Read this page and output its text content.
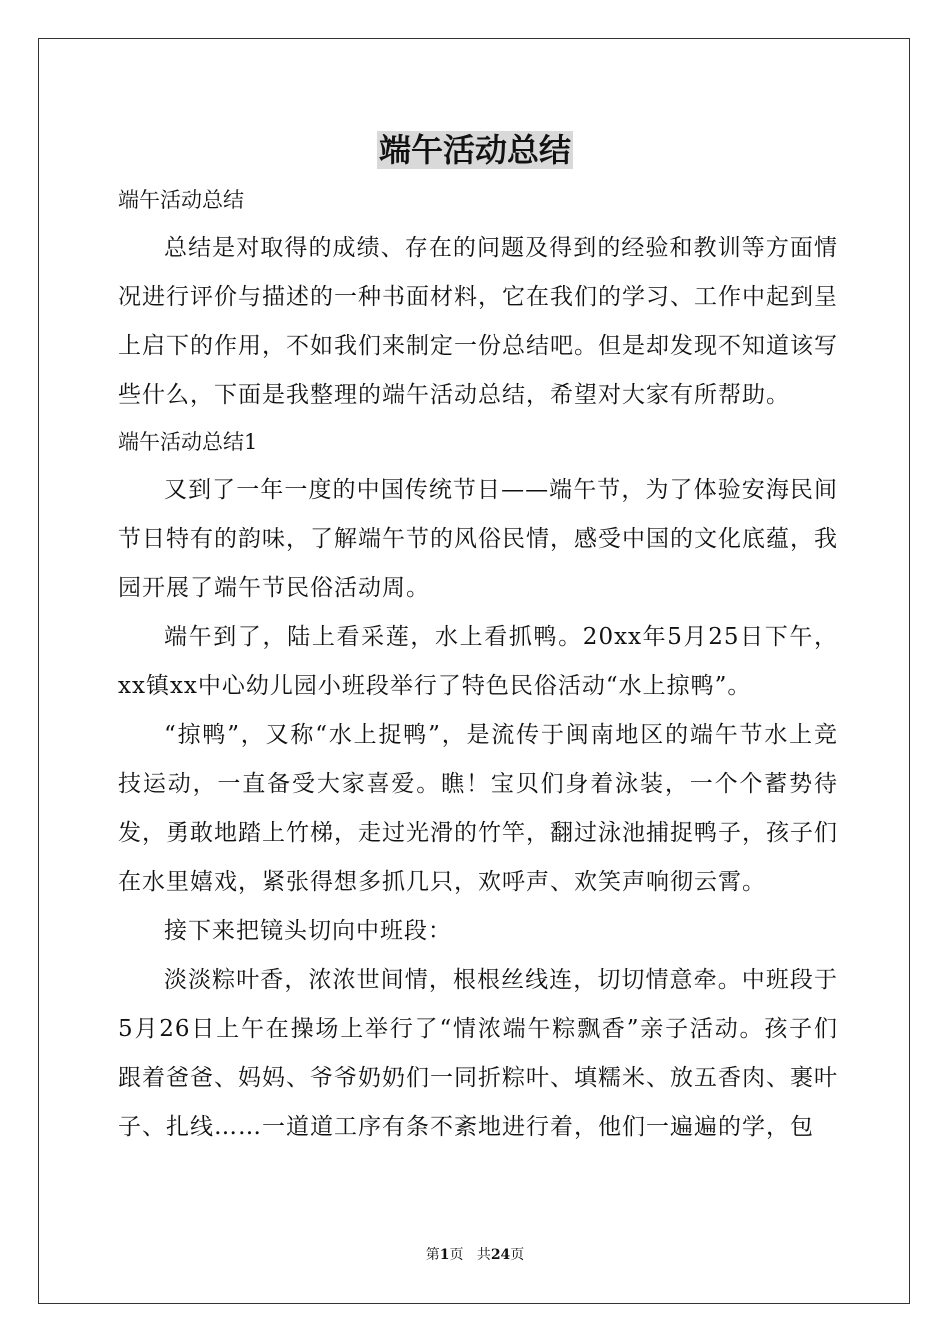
端午活动总结

端午活动总结

总结是对取得的成绩、存在的问题及得到的经验和教训等方面情况进行评价与描述的一种书面材料，它在我们的学习、工作中起到呈上启下的作用，不如我们来制定一份总结吧。但是却发现不知道该写些什么，下面是我整理的端午活动总结，希望对大家有所帮助。

端午活动总结1

又到了一年一度的中国传统节日——端午节，为了体验安海民间节日特有的韵味，了解端午节的风俗民情，感受中国的文化底蕴，我园开展了端午节民俗活动周。

端午到了，陆上看采莲，水上看抓鸭。20xx年5月25日下午，xx镇xx中心幼儿园小班段举行了特色民俗活动“水上掠鸭”。

“掠鸭”，又称“水上捉鸭”，是流传于闽南地区的端午节水上竞技运动，一直备受大家喜爱。瞧！宝贝们身着泳装，一个个蓄势待发，勇敢地踏上竹梯，走过光滑的竹竿，翻过泳池捕捉鸭子，孩子们在水里嬉戏，紧张得想多抓几只，欢呼声、欢笑声响彻云霄。

接下来把镜头切向中班段：

淡淡粽叶香，浓浓世间情，根根丝线连，切切情意牵。中班段于5月26日上午在操场上举行了“情浓端午粽飘香”亲子活动。孩子们跟着爸爸、妈妈、爷爷奶奶们一同折粽叶、填糯米、放五香肉、裹叶子、扎线……一道道工序有条不紊地进行着，他们一遍遍的学，包

第1页 共24页
